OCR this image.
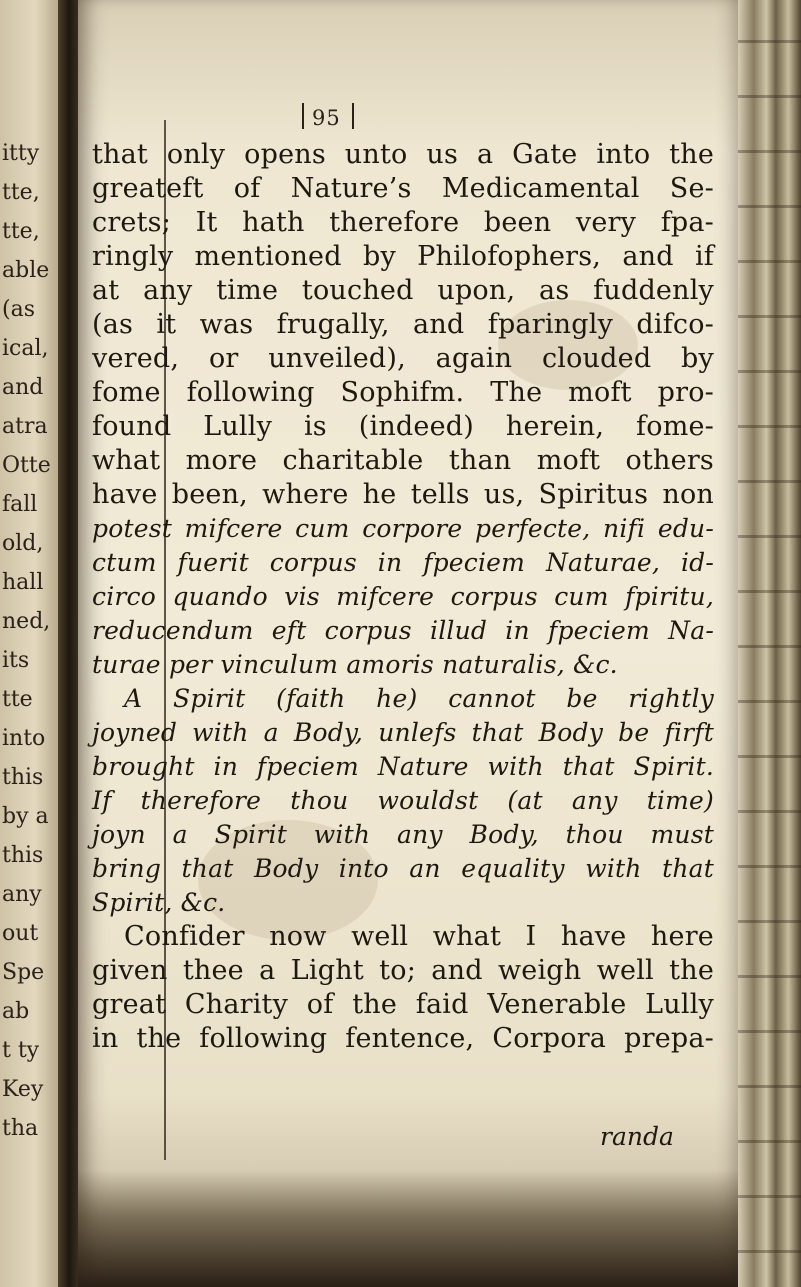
itty
tte,
tte,
able
(as
ical,
and
atra
Otte
fall
old,
hall
ned,
its
tte
into
this
by a
this
any
out
Spe
ab
t ty
Key
tha
95
that only opens unto us a Gate into the
greateft of Nature’s Medicamental Se-
crets; It hath therefore been very fpa-
ringly mentioned by Philofophers, and if
at any time touched upon, as fuddenly
(as it was frugally, and fparingly difco-
vered, or unveiled), again clouded by
fome following Sophifm. The moft pro-
found Lully is (indeed) herein, fome-
what more charitable than moft others
have been, where he tells us, Spiritus non
potest mifcere cum corpore perfecte, nifi edu-
ctum fuerit corpus in fpeciem Naturae, id-
circo quando vis mifcere corpus cum fpiritu,
reducendum eft corpus illud in fpeciem Na-
turae per vinculum amoris naturalis, &c.
A Spirit (faith he) cannot be rightly
joyned with a Body, unlefs that Body be firft
brought in fpeciem Nature with that Spirit.
If therefore thou wouldst (at any time)
joyn a Spirit with any Body, thou must
bring that Body into an equality with that
Spirit, &c.
Confider now well what I have here
given thee a Light to; and weigh well the
great Charity of the faid Venerable Lully
in the following fentence, Corpora prepa-
randa
